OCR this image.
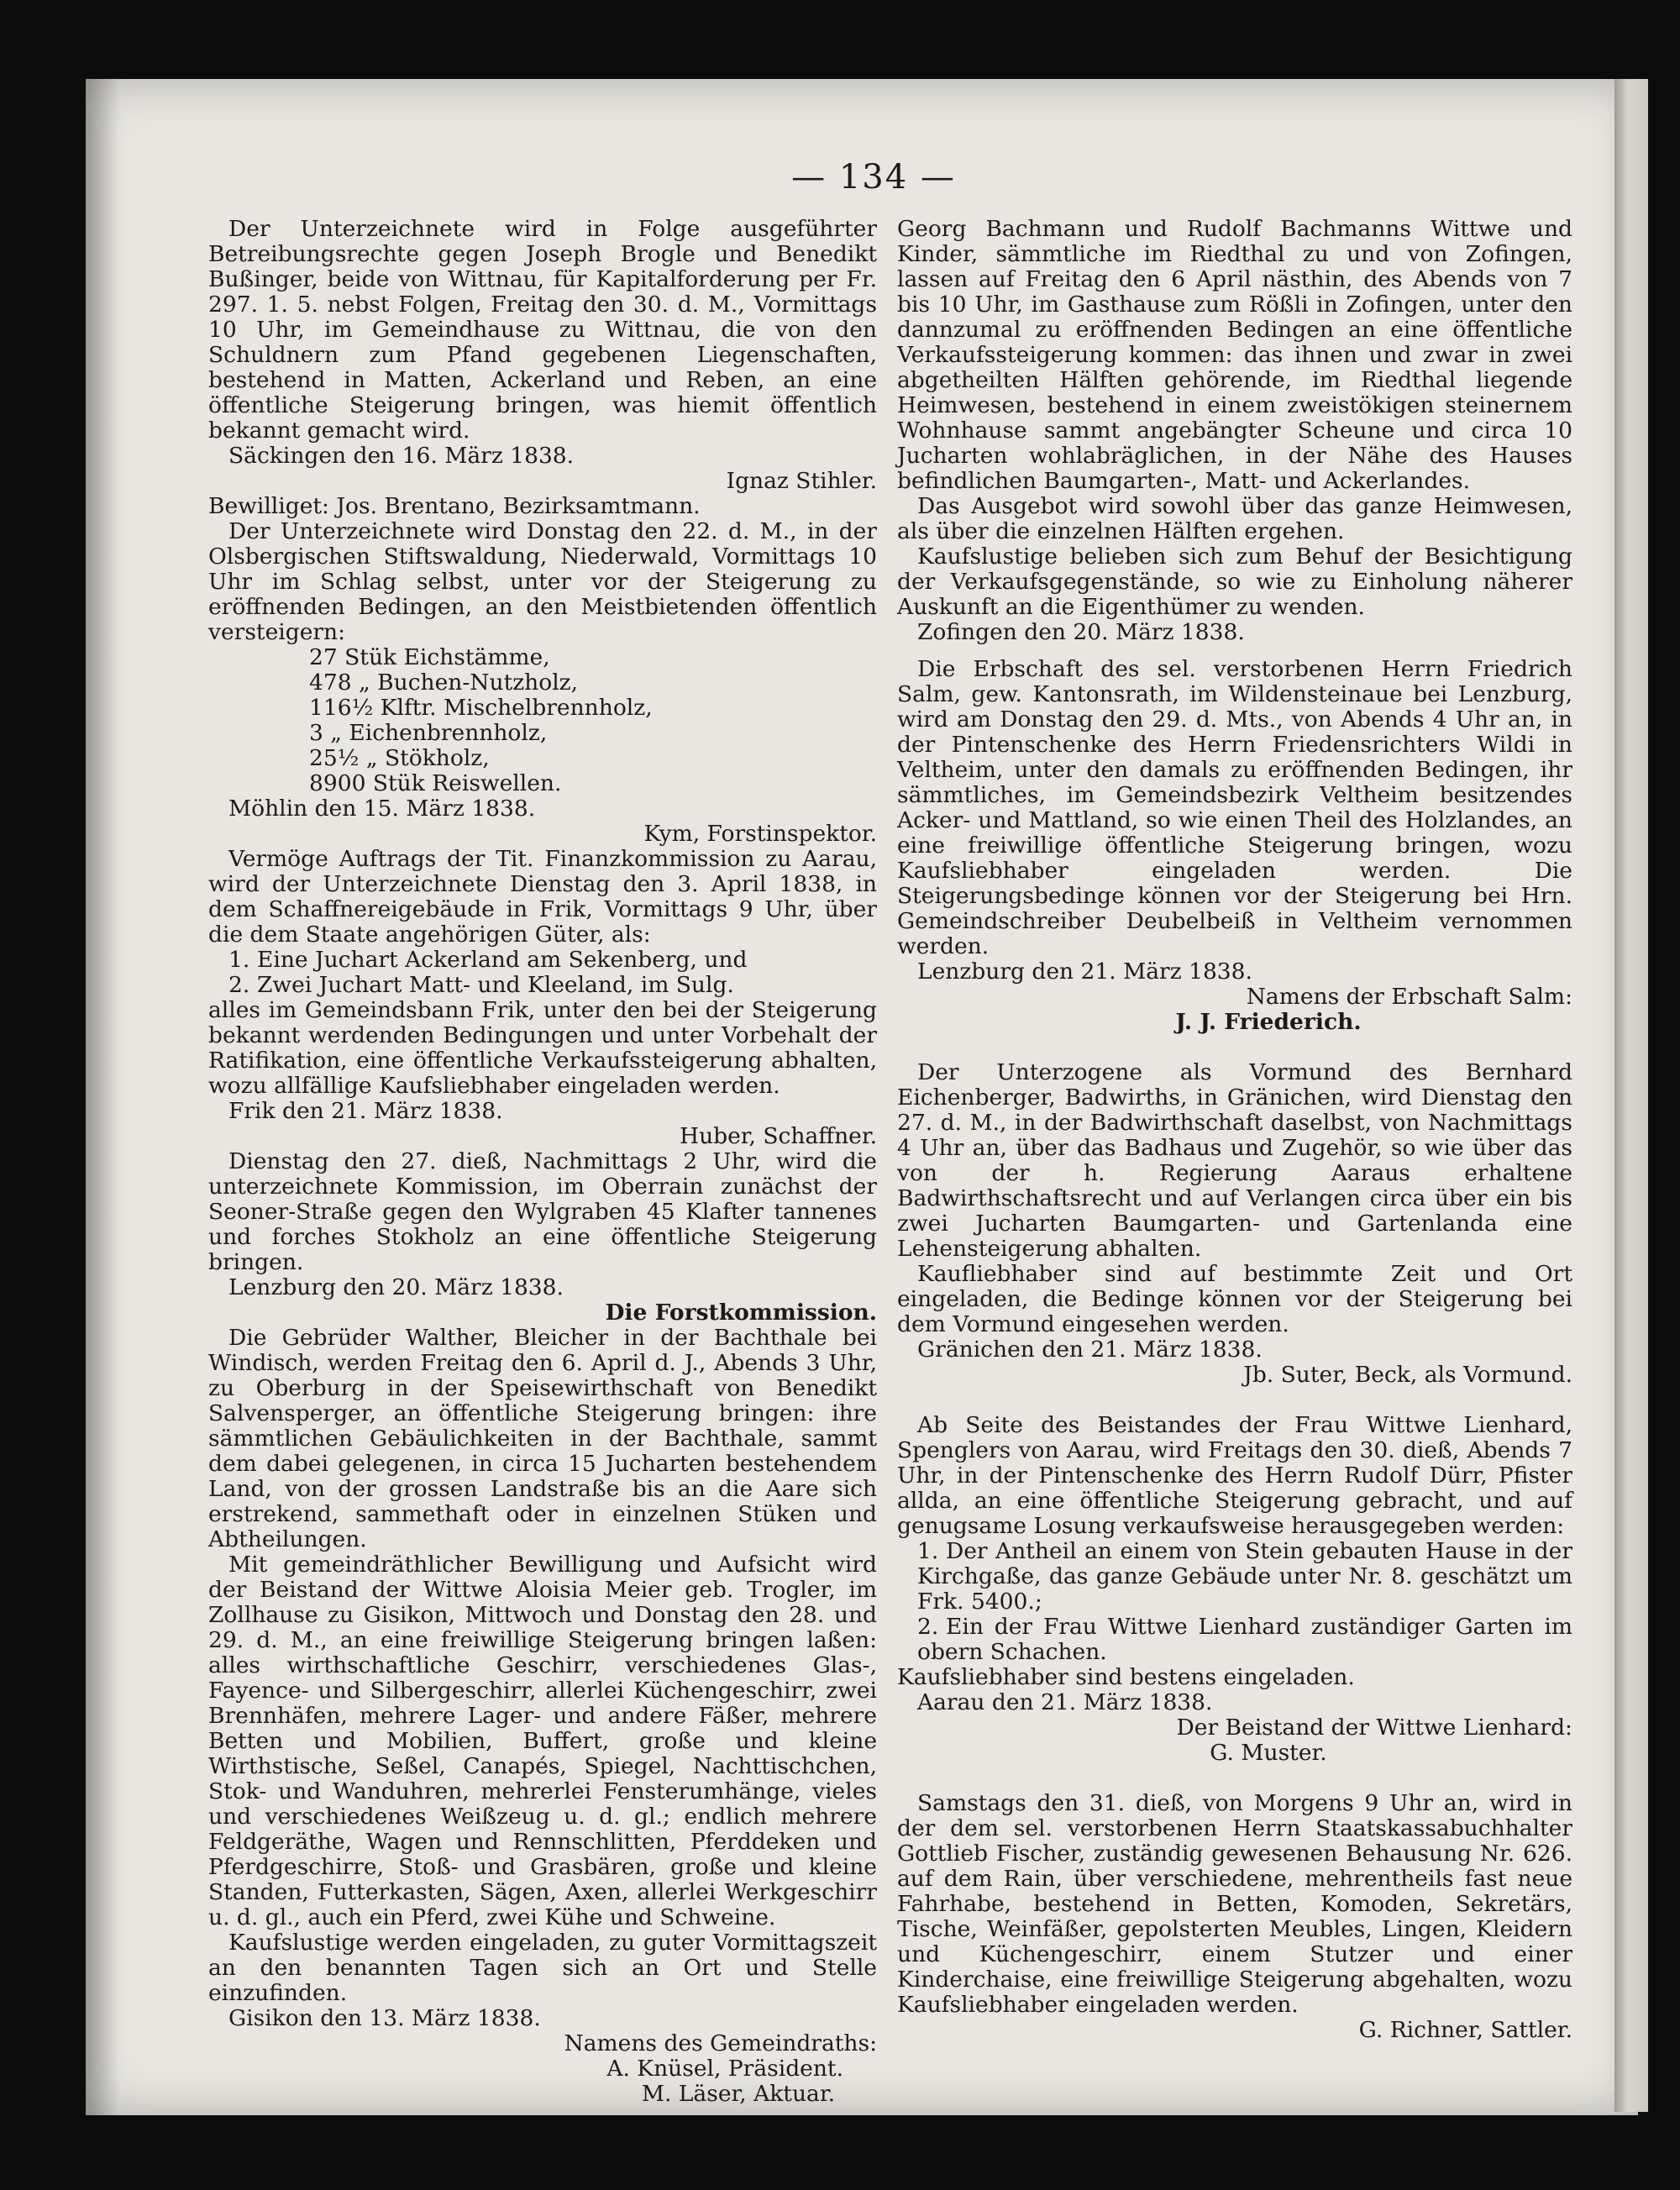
— 134 —

Der Unterzeichnete wird in Folge ausgeführter Betreibungsrechte gegen Joseph Brogle und Benedikt Bußinger, beide von Wittnau, für Kapitalforderung per Fr. 297. 1. 5. nebst Folgen, Freitag den 30. d. M., Vormittags 10 Uhr, im Gemeindhause zu Wittnau, die von den Schuldnern zum Pfand gegebenen Liegenschaften, bestehend in Matten, Ackerland und Reben, an eine öffentliche Steigerung bringen, was hiemit öffentlich bekannt gemacht wird.

Säckingen den 16. März 1838.

Ignaz Stihler.

Bewilliget: Jos. Brentano, Bezirksamtmann.

Der Unterzeichnete wird Donstag den 22. d. M., in der Olsbergischen Stiftswaldung, Niederwald, Vormittags 10 Uhr im Schlag selbst, unter vor der Steigerung zu eröffnenden Bedingen, an den Meistbietenden öffentlich versteigern:

27 Stük Eichstämme,
478 „ Buchen-Nutzholz,
116½ Klftr. Mischelbrennholz,
3 „ Eichenbrennholz,
25½ „ Stökholz,
8900 Stük Reiswellen.

Möhlin den 15. März 1838.

Kym, Forstinspektor.

Vermöge Auftrags der Tit. Finanzkommission zu Aarau, wird der Unterzeichnete Dienstag den 3. April 1838, in dem Schaffnereigebäude in Frik, Vormittags 9 Uhr, über die dem Staate angehörigen Güter, als:

1. Eine Juchart Ackerland am Sekenberg, und

2. Zwei Juchart Matt- und Kleeland, im Sulg.

alles im Gemeindsbann Frik, unter den bei der Steigerung bekannt werdenden Bedingungen und unter Vorbehalt der Ratifikation, eine öffentliche Verkaufssteigerung abhalten, wozu allfällige Kaufsliebhaber eingeladen werden.

Frik den 21. März 1838.

Huber, Schaffner.

Dienstag den 27. dieß, Nachmittags 2 Uhr, wird die unterzeichnete Kommission, im Oberrain zunächst der Seoner-Straße gegen den Wylgraben 45 Klafter tannenes und forches Stokholz an eine öffentliche Steigerung bringen.

Lenzburg den 20. März 1838.

Die Forstkommission.

Die Gebrüder Walther, Bleicher in der Bachthale bei Windisch, werden Freitag den 6. April d. J., Abends 3 Uhr, zu Oberburg in der Speisewirthschaft von Benedikt Salvensperger, an öffentliche Steigerung bringen: ihre sämmtlichen Gebäulichkeiten in der Bachthale, sammt dem dabei gelegenen, in circa 15 Jucharten bestehendem Land, von der grossen Landstraße bis an die Aare sich erstrekend, sammethaft oder in einzelnen Stüken und Abtheilungen.

Mit gemeindräthlicher Bewilligung und Aufsicht wird der Beistand der Wittwe Aloisia Meier geb. Trogler, im Zollhause zu Gisikon, Mittwoch und Donstag den 28. und 29. d. M., an eine freiwillige Steigerung bringen laßen: alles wirthschaftliche Geschirr, verschiedenes Glas-, Fayence- und Silbergeschirr, allerlei Küchengeschirr, zwei Brennhäfen, mehrere Lager- und andere Fäßer, mehrere Betten und Mobilien, Buffert, große und kleine Wirthstische, Seßel, Canapés, Spiegel, Nachttischchen, Stok- und Wanduhren, mehrerlei Fensterumhänge, vieles und verschiedenes Weißzeug u. d. gl.; endlich mehrere Feldgeräthe, Wagen und Rennschlitten, Pferddeken und Pferdgeschirre, Stoß- und Grasbären, große und kleine Standen, Futterkasten, Sägen, Axen, allerlei Werkgeschirr u. d. gl., auch ein Pferd, zwei Kühe und Schweine.

Kaufslustige werden eingeladen, zu guter Vormittagszeit an den benannten Tagen sich an Ort und Stelle einzufinden.

Gisikon den 13. März 1838.

Namens des Gemeindraths:

A. Knüsel, Präsident.

M. Läser, Aktuar.

Georg Bachmann und Rudolf Bachmanns Wittwe und Kinder, sämmtliche im Riedthal zu und von Zofingen, lassen auf Freitag den 6 April nästhin, des Abends von 7 bis 10 Uhr, im Gasthause zum Rößli in Zofingen, unter den dannzumal zu eröffnenden Bedingen an eine öffentliche Verkaufssteigerung kommen: das ihnen und zwar in zwei abgetheilten Hälften gehörende, im Riedthal liegende Heimwesen, bestehend in einem zweistökigen steinernem Wohnhause sammt angebängter Scheune und circa 10 Jucharten wohlabräglichen, in der Nähe des Hauses befindlichen Baumgarten-, Matt- und Ackerlandes.

Das Ausgebot wird sowohl über das ganze Heimwesen, als über die einzelnen Hälften ergehen.

Kaufslustige belieben sich zum Behuf der Besichtigung der Verkaufsgegenstände, so wie zu Einholung näherer Auskunft an die Eigenthümer zu wenden.

Zofingen den 20. März 1838.

Die Erbschaft des sel. verstorbenen Herrn Friedrich Salm, gew. Kantonsrath, im Wildensteinaue bei Lenzburg, wird am Donstag den 29. d. Mts., von Abends 4 Uhr an, in der Pintenschenke des Herrn Friedensrichters Wildi in Veltheim, unter den damals zu eröffnenden Bedingen, ihr sämmtliches, im Gemeindsbezirk Veltheim besitzendes Acker- und Mattland, so wie einen Theil des Holzlandes, an eine freiwillige öffentliche Steigerung bringen, wozu Kaufsliebhaber eingeladen werden. Die Steigerungsbedinge können vor der Steigerung bei Hrn. Gemeindschreiber Deubelbeiß in Veltheim vernommen werden.

Lenzburg den 21. März 1838.

Namens der Erbschaft Salm:

J. J. Friederich.

Der Unterzogene als Vormund des Bernhard Eichenberger, Badwirths, in Gränichen, wird Dienstag den 27. d. M., in der Badwirthschaft daselbst, von Nachmittags 4 Uhr an, über das Badhaus und Zugehör, so wie über das von der h. Regierung Aaraus erhaltene Badwirthschaftsrecht und auf Verlangen circa über ein bis zwei Jucharten Baumgarten- und Gartenlanda eine Lehensteigerung abhalten.

Kaufliebhaber sind auf bestimmte Zeit und Ort eingeladen, die Bedinge können vor der Steigerung bei dem Vormund eingesehen werden.

Gränichen den 21. März 1838.

Jb. Suter, Beck, als Vormund.

Ab Seite des Beistandes der Frau Wittwe Lienhard, Spenglers von Aarau, wird Freitags den 30. dieß, Abends 7 Uhr, in der Pintenschenke des Herrn Rudolf Dürr, Pfister allda, an eine öffentliche Steigerung gebracht, und auf genugsame Losung verkaufsweise herausgegeben werden:

1. Der Antheil an einem von Stein gebauten Hause in der Kirchgaße, das ganze Gebäude unter Nr. 8. geschätzt um Frk. 5400.;

2. Ein der Frau Wittwe Lienhard zuständiger Garten im obern Schachen.

Kaufsliebhaber sind bestens eingeladen.

Aarau den 21. März 1838.

Der Beistand der Wittwe Lienhard:

G. Muster.

Samstags den 31. dieß, von Morgens 9 Uhr an, wird in der dem sel. verstorbenen Herrn Staatskassabuchhalter Gottlieb Fischer, zuständig gewesenen Behausung Nr. 626. auf dem Rain, über verschiedene, mehrentheils fast neue Fahrhabe, bestehend in Betten, Komoden, Sekretärs, Tische, Weinfäßer, gepolsterten Meubles, Lingen, Kleidern und Küchengeschirr, einem Stutzer und einer Kinderchaise, eine freiwillige Steigerung abgehalten, wozu Kaufsliebhaber eingeladen werden.

G. Richner, Sattler.
